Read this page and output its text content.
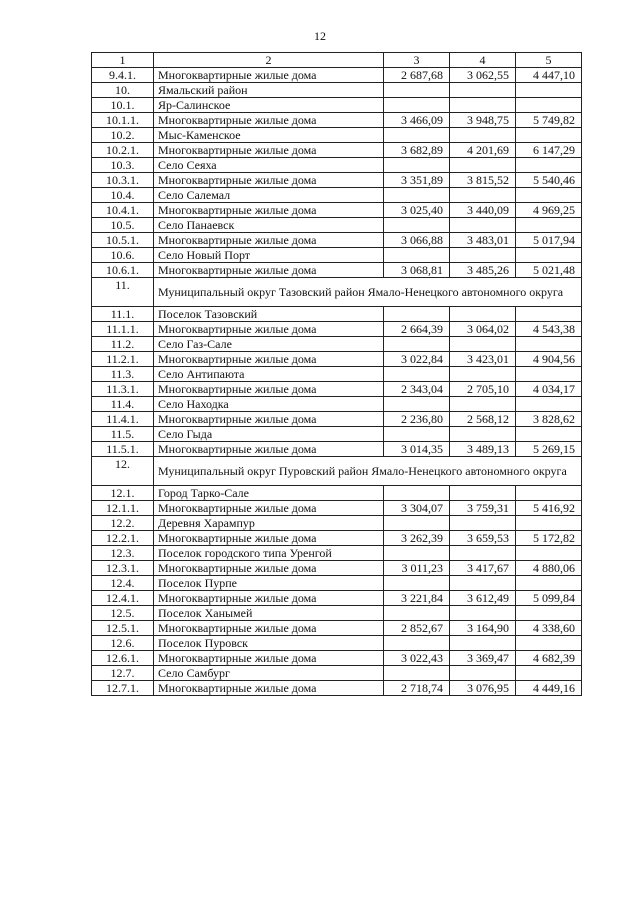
12
1	2	3	4	5
9.4.1.	Многоквартирные жилые дома	2 687,68	3 062,55	4 447,10
10.	Ямальский район			
10.1.	Яр-Салинское			
10.1.1.	Многоквартирные жилые дома	3 466,09	3 948,75	5 749,82
10.2.	Мыс-Каменское			
10.2.1.	Многоквартирные жилые дома	3 682,89	4 201,69	6 147,29
10.3.	Село Сеяха			
10.3.1.	Многоквартирные жилые дома	3 351,89	3 815,52	5 540,46
10.4.	Село Салемал			
10.4.1.	Многоквартирные жилые дома	3 025,40	3 440,09	4 969,25
10.5.	Село Панаевск			
10.5.1.	Многоквартирные жилые дома	3 066,88	3 483,01	5 017,94
10.6.	Село Новый Порт			
10.6.1.	Многоквартирные жилые дома	3 068,81	3 485,26	5 021,48
11.	Муниципальный округ Тазовский район Ямало-Ненецкого автономного округа			
11.1.	Поселок Тазовский			
11.1.1.	Многоквартирные жилые дома	2 664,39	3 064,02	4 543,38
11.2.	Село Газ-Сале			
11.2.1.	Многоквартирные жилые дома	3 022,84	3 423,01	4 904,56
11.3.	Село Антипаюта			
11.3.1.	Многоквартирные жилые дома	2 343,04	2 705,10	4 034,17
11.4.	Село Находка			
11.4.1.	Многоквартирные жилые дома	2 236,80	2 568,12	3 828,62
11.5.	Село Гыда			
11.5.1.	Многоквартирные жилые дома	3 014,35	3 489,13	5 269,15
12.	Муниципальный округ Пуровский район Ямало-Ненецкого автономного округа			
12.1.	Город Тарко-Сале			
12.1.1.	Многоквартирные жилые дома	3 304,07	3 759,31	5 416,92
12.2.	Деревня Харампур			
12.2.1.	Многоквартирные жилые дома	3 262,39	3 659,53	5 172,82
12.3.	Поселок городского типа Уренгой			
12.3.1.	Многоквартирные жилые дома	3 011,23	3 417,67	4 880,06
12.4.	Поселок Пурпе			
12.4.1.	Многоквартирные жилые дома	3 221,84	3 612,49	5 099,84
12.5.	Поселок Ханымей			
12.5.1.	Многоквартирные жилые дома	2 852,67	3 164,90	4 338,60
12.6.	Поселок Пуровск			
12.6.1.	Многоквартирные жилые дома	3 022,43	3 369,47	4 682,39
12.7.	Село Самбург			
12.7.1.	Многоквартирные жилые дома	2 718,74	3 076,95	4 449,16
